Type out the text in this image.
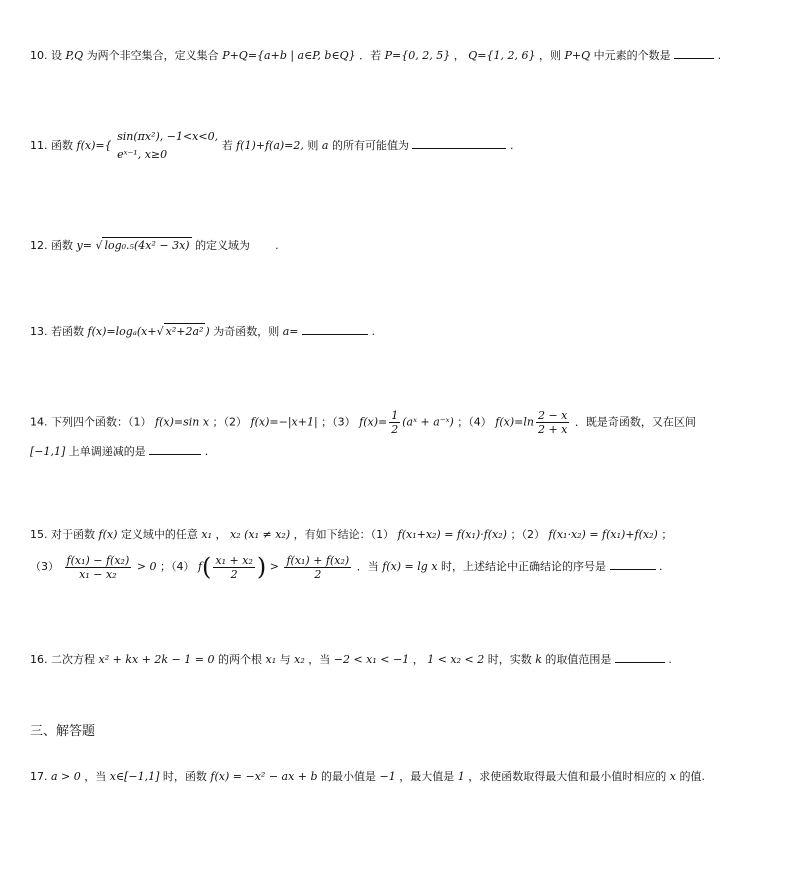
10. 设 P,Q 为两个非空集合，定义集合 P+Q={a+b | a∈P, b∈Q} ．若 P={0, 2, 5} ， Q={1, 2, 6} ，则 P+Q 中元素的个数是	.
11. 函数 f(x)={
sin(πx²), −1<x<0,
eˣ⁻¹, x≥0
若 f(1)+f(a)=2, 则 a 的所有可能值为	.
12. 函数 y= √ log₀.₅(4x² − 3x) 的定义域为 .
13. 若函数 f(x)=logₐ(x+√ x²+2a² ) 为奇函数，则 a=	.
14. 下列四个函数：（1） f(x)=sin x ；（2） f(x)=−|x+1| ；（3） $f(x)= \frac{1}{2}$ (aˣ + a⁻ˣ) ；（4） $f(x)=\ln \frac{2 - x}{2 + x}$ ．既是奇函数，又在区间
[−1,1] 上单调递减的是	.
15. 对于函数 f(x) 定义域中的任意 x₁ ， x₂ (x₁ ≠ x₂) ，有如下结论：（1） f(x₁+x₂) = f(x₁)·f(x₂) ；（2） f(x₁·x₂) = f(x₁)+f(x₂) ；
$(3) \frac{\text{f(x₁) − f(x₂)}}{\text{x₁ − x₂}} > 0$ ；（4） $f( \frac{\text{x₁ + x₂}}{2}$ ) > $\frac{\text{f(x₁) + f(x₂)}}{2}$ ．当 f(x) = lg x 时，上述结论中正确结论的序号是	.
16. 二次方程 x² + kx + 2k − 1 = 0 的两个根 x₁ 与 x₂ ，当 −2 < x₁ < −1 ， 1 < x₂ < 2 时，实数 k 的取值范围是	.
三、解答题
17. a > 0 ，当 x∈[−1,1] 时，函数 f(x) = −x² − ax + b 的最小值是 −1 ，最大值是 1 ，求使函数取得最大值和最小值时相应的 x 的值.
